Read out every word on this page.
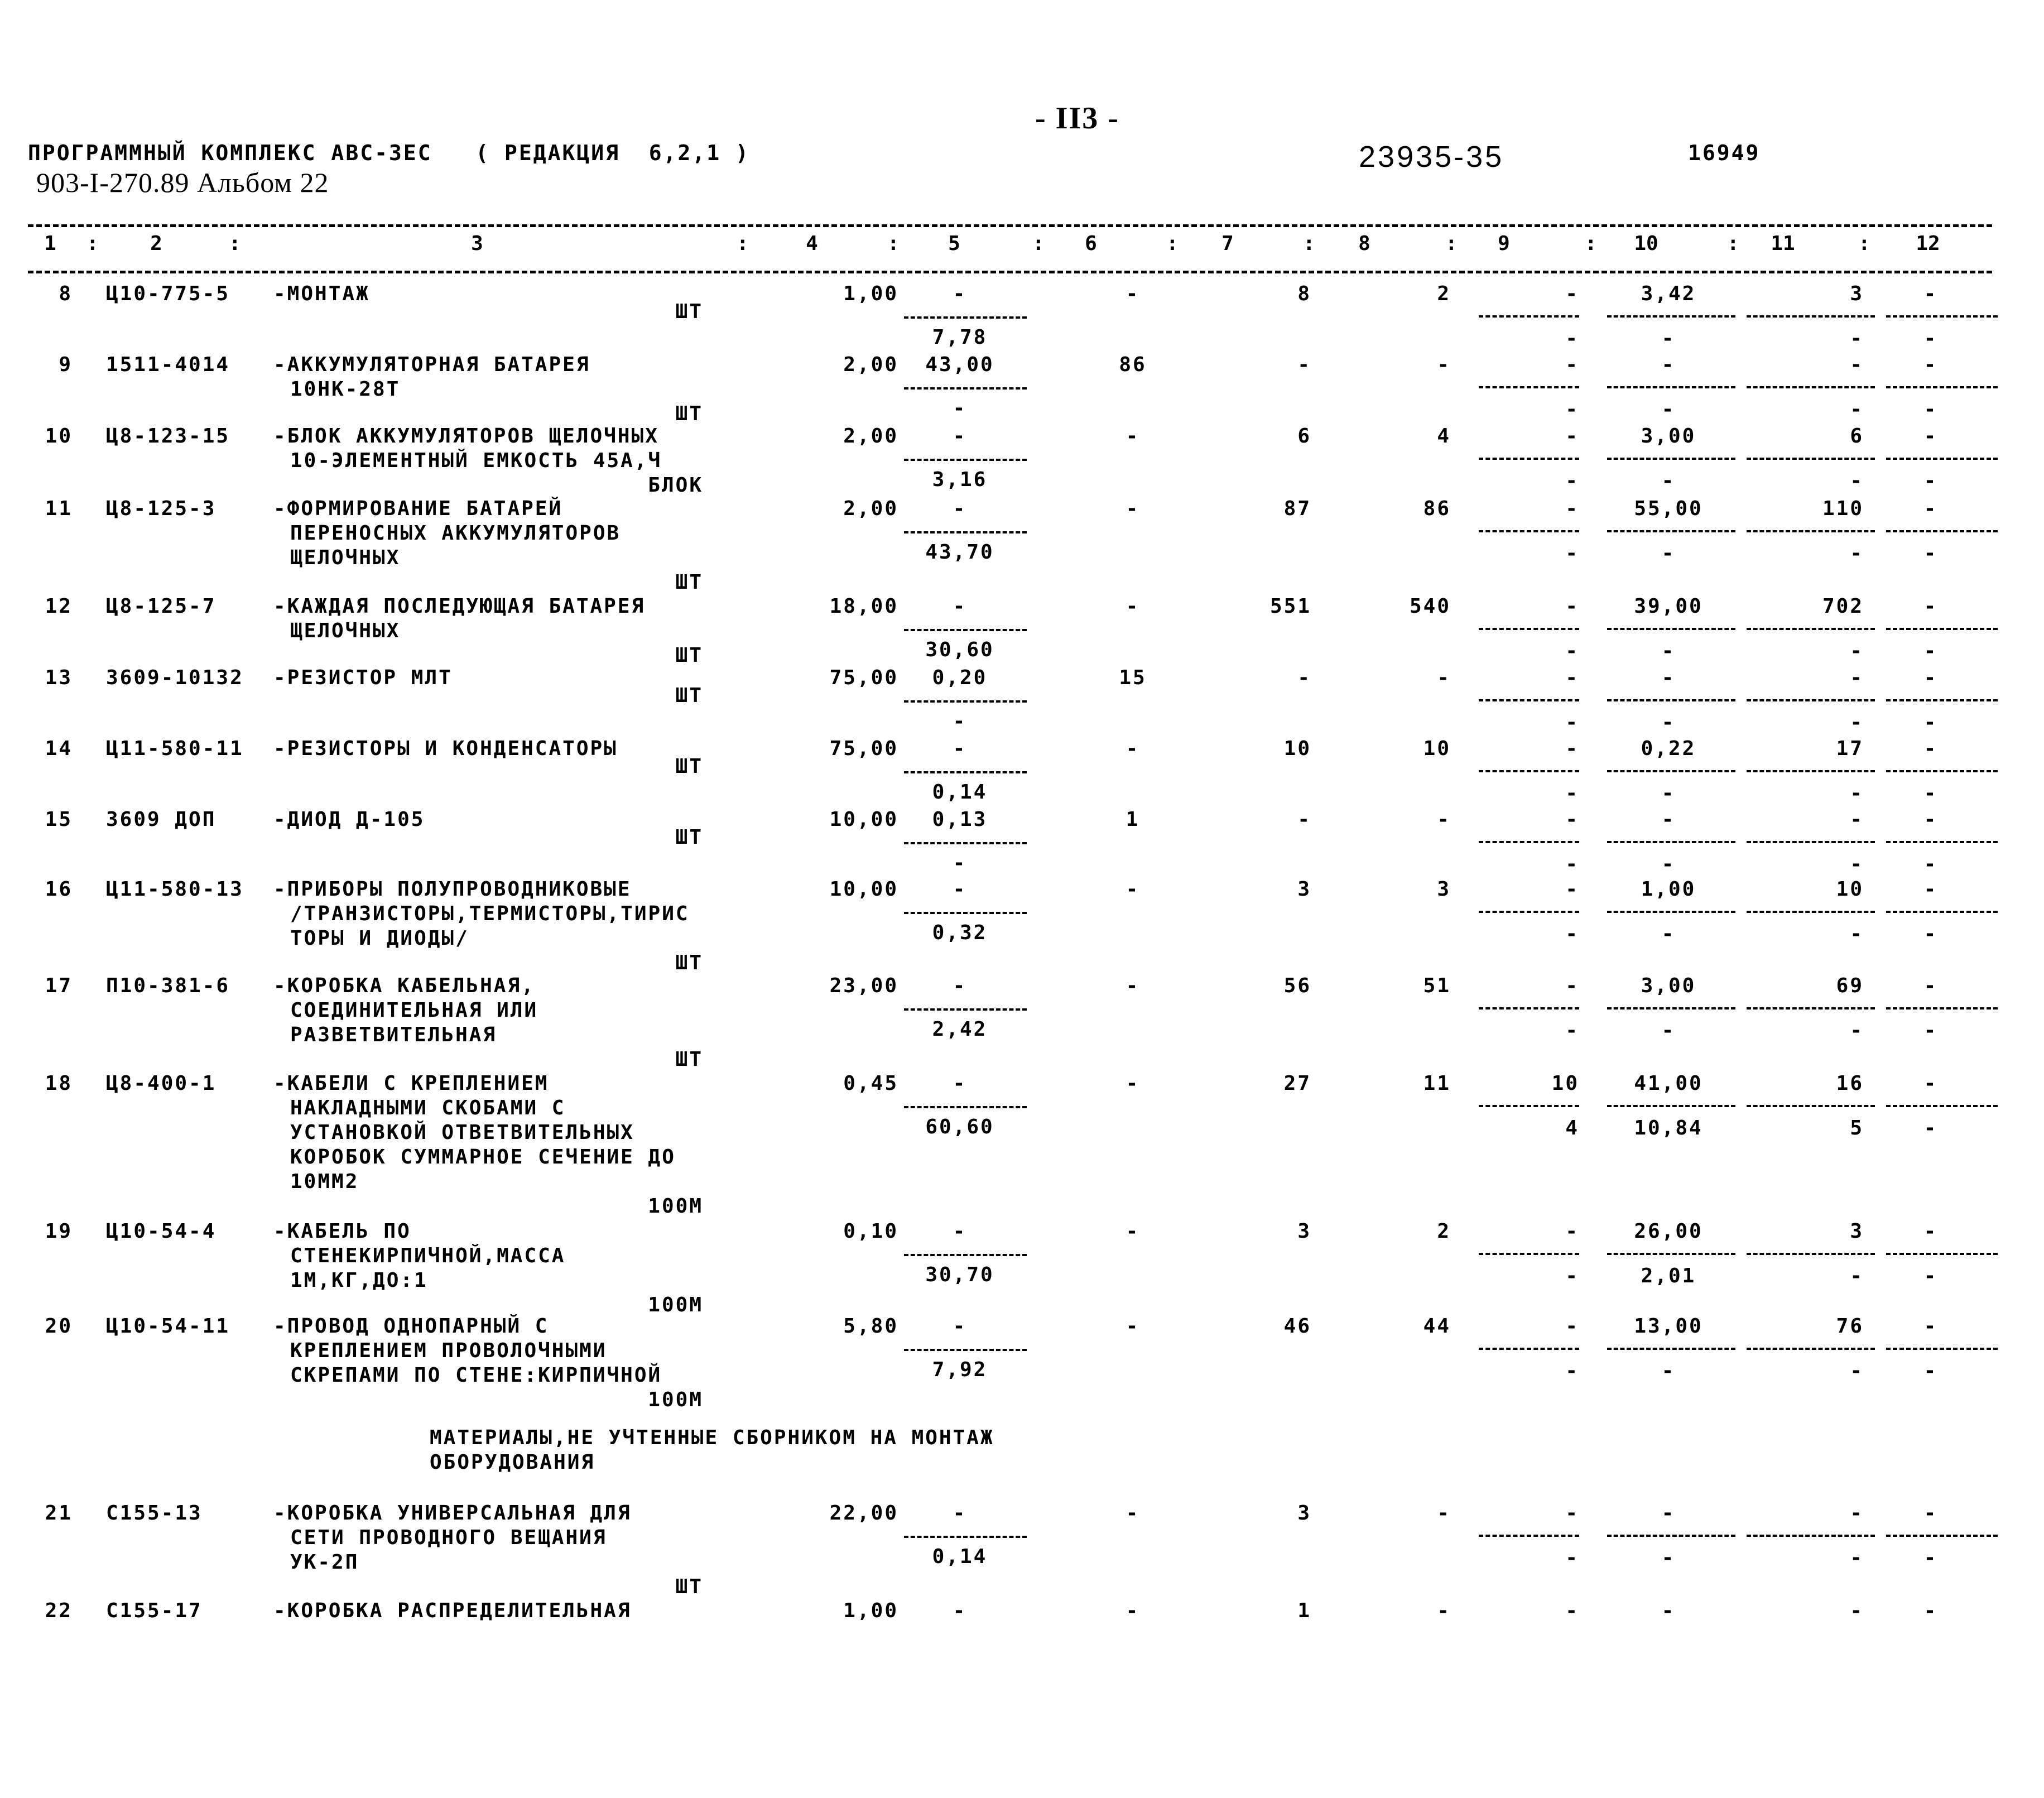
- II3 -
ПРОГРАММНЫЙ КОМПЛЕКС АВС-3ЕС   ( РЕДАКЦИЯ  6,2,1 )
903-I-270.89 Альбом 22
23935-35	16949
1	2	3	4	5	6	7	8	9	10	11	12
:	:	:	:	:	:	:	:	:	:	:
8 Ц10-775-5 -МОНТАЖ
ШТ
1,00	-	-	8	2	-	3,42	3	-
7,78	-	-	-	-
9 1511-4014 -АККУМУЛЯТОРНАЯ БАТАРЕЯ
10НК-28Т
ШТ
2,00	43,00	86	-	-	-	-	-	-
-	-	-	-	-
10 Ц8-123-15 -БЛОК АККУМУЛЯТОРОВ ЩЕЛОЧНЫХ
10-ЭЛЕМЕНТНЫЙ ЕМКОСТЬ 45А,Ч
БЛОК
2,00	-	-	6	4	-	3,00	6	-
3,16	-	-	-	-
11 Ц8-125-3	-ФОРМИРОВАНИЕ БАТАРЕЙ
ПЕРЕНОСНЫХ АККУМУЛЯТОРОВ
ЩЕЛОЧНЫХ
ШТ
2,00	-	-	87	86	-	55,00	110	-
43,70	-	-	-	-
12 Ц8-125-7	-КАЖДАЯ ПОСЛЕДУЮЩАЯ БАТАРЕЯ
ЩЕЛОЧНЫХ
ШТ
18,00	-	-	551	540	-	39,00	702	-
30,60	-	-	-	-
13 3609-10132 -РЕЗИСТОР МЛТ
ШТ
75,00	0,20	15	-	-	-	-	-	-
-	-	-	-	-
14 Ц11-580-11 -РЕЗИСТОРЫ И КОНДЕНСАТОРЫ
ШТ
75,00	-	-	10	10	-	0,22	17	-
0,14	-	-	-	-
15 3609 ДОП	-ДИОД Д-105
ШТ
10,00	0,13	1	-	-	-	-	-	-
-	-	-	-	-
16 Ц11-580-13 -ПРИБОРЫ ПОЛУПРОВОДНИКОВЫЕ
/ТРАНЗИСТОРЫ,ТЕРМИСТОРЫ,ТИРИС
ТОРЫ И ДИОДЫ/
ШТ
10,00	-	-	3	3	-	1,00	10	-
0,32	-	-	-	-
17 П10-381-6 -КОРОБКА КАБЕЛЬНАЯ,
СОЕДИНИТЕЛЬНАЯ ИЛИ
РАЗВЕТВИТЕЛЬНАЯ
ШТ
23,00	-	-	56	51	-	3,00	69	-
2,42	-	-	-	-
18 Ц8-400-1	-КАБЕЛИ С КРЕПЛЕНИЕМ
НАКЛАДНЫМИ СКОБАМИ С
УСТАНОВКОЙ ОТВЕТВИТЕЛЬНЫХ
КОРОБОК СУММАРНОЕ СЕЧЕНИЕ ДО
10ММ2
100М
0,45	-	-	27	11	10	41,00	16	-
60,60	4	10,84	5	-
19 Ц10-54-4	-КАБЕЛЬ ПО
СТЕНЕКИРПИЧНОЙ,МАССА
1М,КГ,ДО:1
100М
0,10	-	-	3	2	-	26,00	3	-
30,70	-	2,01	-	-
20 Ц10-54-11 -ПРОВОД ОДНОПАРНЫЙ С
КРЕПЛЕНИЕМ ПРОВОЛОЧНЫМИ
СКРЕПАМИ ПО СТЕНЕ:КИРПИЧНОЙ
100М
5,80	-	-	46	44	-	13,00	76	-
7,92	-	-	-	-
МАТЕРИАЛЫ,НЕ УЧТЕННЫЕ СБОРНИКОМ НА МОНТАЖ
ОБОРУДОВАНИЯ
21 С155-13	-КОРОБКА УНИВЕРСАЛЬНАЯ ДЛЯ
СЕТИ ПРОВОДНОГО ВЕЩАНИЯ
УК-2П
ШТ
22,00	-	-	3	-	-	-	-	-
0,14	-	-	-	-
22 С155-17	-КОРОБКА РАСПРЕДЕЛИТЕЛЬНАЯ	1,00	-	-	1	-	-	-	-	-
